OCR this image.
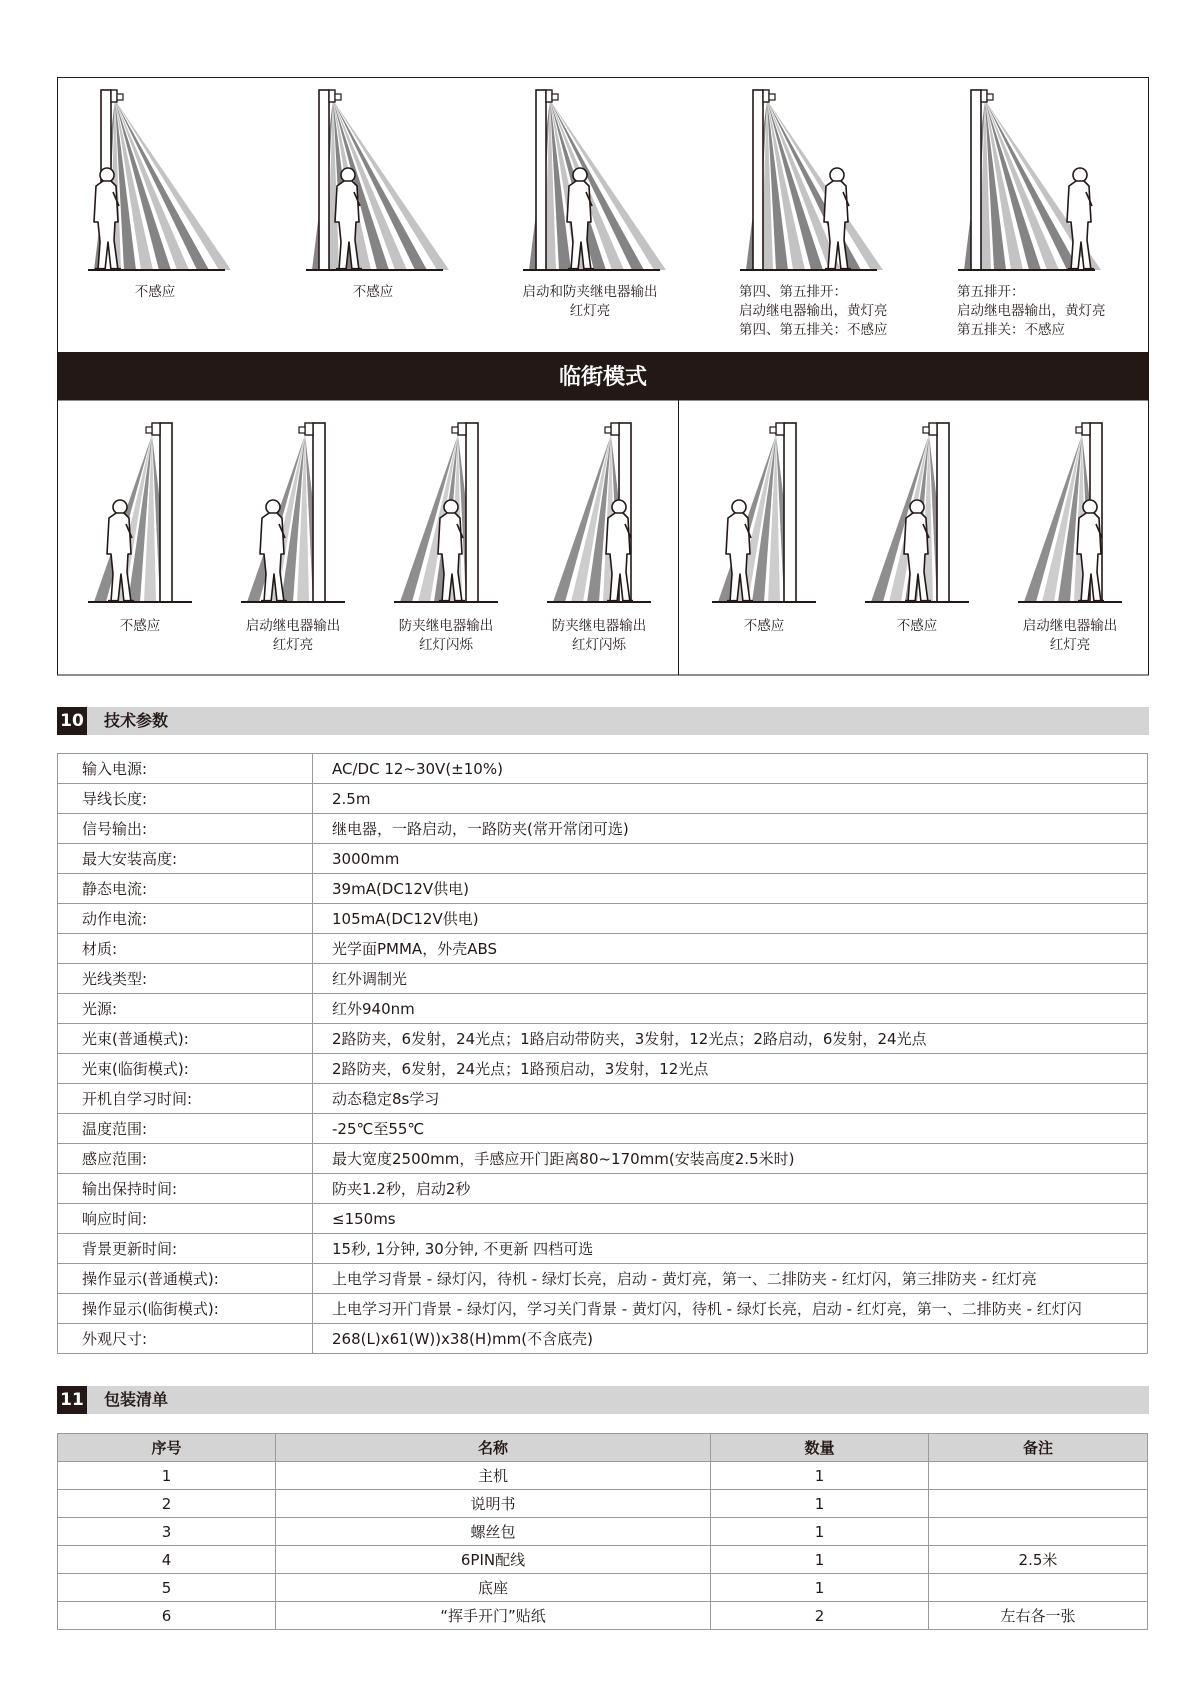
不感应	不感应	启动和防夹继电器输出
红灯亮
第四、第五排开：
启动继电器输出，黄灯亮
第四、第五排关：不感应
第五排开：
启动继电器输出，黄灯亮
第五排关：不感应
临街模式
不感应	启动继电器输出
红灯亮
防夹继电器输出
红灯闪烁
防夹继电器输出
红灯闪烁
不感应	不感应	启动继电器输出
红灯亮
10 技术参数
输入电源:	AC/DC 12~30V(±10%)
导线长度:	2.5m
信号输出:	继电器，一路启动，一路防夹(常开常闭可选)
最大安装高度:	3000mm
静态电流:	39mA(DC12V供电)
动作电流:	105mA(DC12V供电)
材质:	光学面PMMA，外壳ABS
光线类型:	红外调制光
光源:	红外940nm
光束(普通模式):	2路防夹，6发射，24光点；1路启动带防夹，3发射，12光点；2路启动，6发射，24光点
光束(临街模式):	2路防夹，6发射，24光点；1路预启动，3发射，12光点
开机自学习时间:	动态稳定8s学习
温度范围:	-25℃至55℃
感应范围:	最大宽度2500mm，手感应开门距离80~170mm(安装高度2.5米时)
输出保持时间:	防夹1.2秒，启动2秒
响应时间:	≤150ms
背景更新时间:	15秒, 1分钟, 30分钟, 不更新 四档可选
操作显示(普通模式):	上电学习背景 - 绿灯闪，待机 - 绿灯长亮，启动 - 黄灯亮，第一、二排防夹 - 红灯闪，第三排防夹 - 红灯亮
操作显示(临街模式):	上电学习开门背景 - 绿灯闪，学习关门背景 - 黄灯闪，待机 - 绿灯长亮，启动 - 红灯亮，第一、二排防夹 - 红灯闪
外观尺寸:	268(L)x61(W))x38(H)mm(不含底壳)
11 包装清单
序号	名称	数量	备注
1	主机	1	
2	说明书	1	
3	螺丝包	1	
4	6PIN配线	1	2.5米
5	底座	1	
6	“挥手开门”贴纸	2	左右各一张
